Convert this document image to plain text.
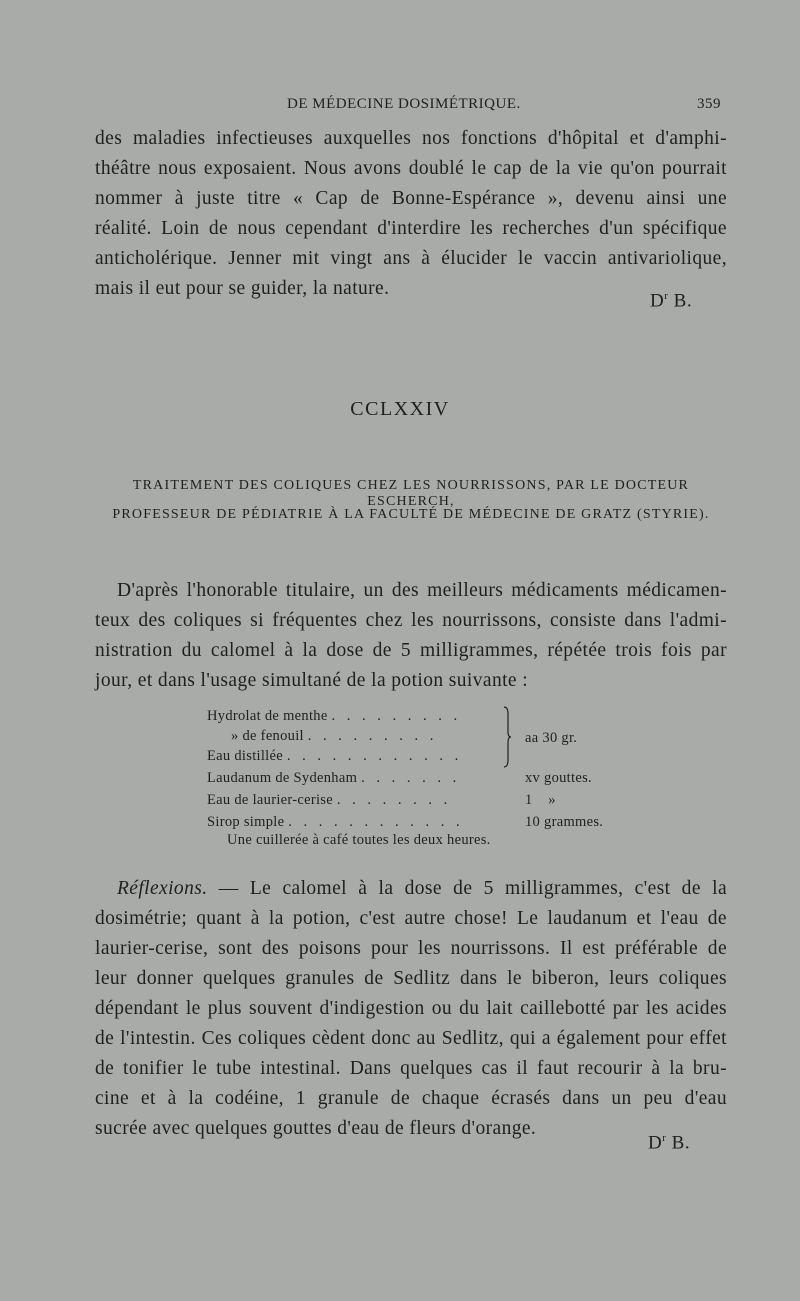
DE MÉDECINE DOSIMÉTRIQUE.	359
des maladies infectieuses auxquelles nos fonctions d'hôpital et d'amphi-
théâtre nous exposaient. Nous avons doublé le cap de la vie qu'on pourrait
nommer à juste titre « Cap de Bonne-Espérance », devenu ainsi une
réalité. Loin de nous cependant d'interdire les recherches d'un spécifique
anticholérique. Jenner mit vingt ans à élucider le vaccin antivariolique,
mais il eut pour se guider, la nature.
$D^r$ B.
CCLXXIV
TRAITEMENT DES COLIQUES CHEZ LES NOURRISSONS, PAR LE DOCTEUR ESCHERCH,
PROFESSEUR DE PÉDIATRIE À LA FACULTÉ DE MÉDECINE DE GRATZ (STYRIE).
D'après l'honorable titulaire, un des meilleurs médicaments médicamen-
teux des coliques si fréquentes chez les nourrissons, consiste dans l'admi-
nistration du calomel à la dose de 5 milligrammes, répétée trois fois par
jour, et dans l'usage simultané de la potion suivante :
Hydrolat de menthe . . . . . . . . .
» de fenouil . . . . . . . . .
Eau distillée . . . . . . . . . . . .
aa 30 gr.
Laudanum de Sydenham . . . . . . .	xv gouttes.
Eau de laurier-cerise . . . . . . . .	1    »
Sirop simple . . . . . . . . . . . .	10 grammes.
Une cuillerée à café toutes les deux heures.
Réflexions. — Le calomel à la dose de 5 milligrammes, c'est de la
dosimétrie; quant à la potion, c'est autre chose! Le laudanum et l'eau de
laurier-cerise, sont des poisons pour les nourrissons. Il est préférable de
leur donner quelques granules de Sedlitz dans le biberon, leurs coliques
dépendant le plus souvent d'indigestion ou du lait caillebotté par les acides
de l'intestin. Ces coliques cèdent donc au Sedlitz, qui a également pour effet
de tonifier le tube intestinal. Dans quelques cas il faut recourir à la bru-
cine et à la codéine, 1 granule de chaque écrasés dans un peu d'eau
sucrée avec quelques gouttes d'eau de fleurs d'orange.
$D^r$ B.
